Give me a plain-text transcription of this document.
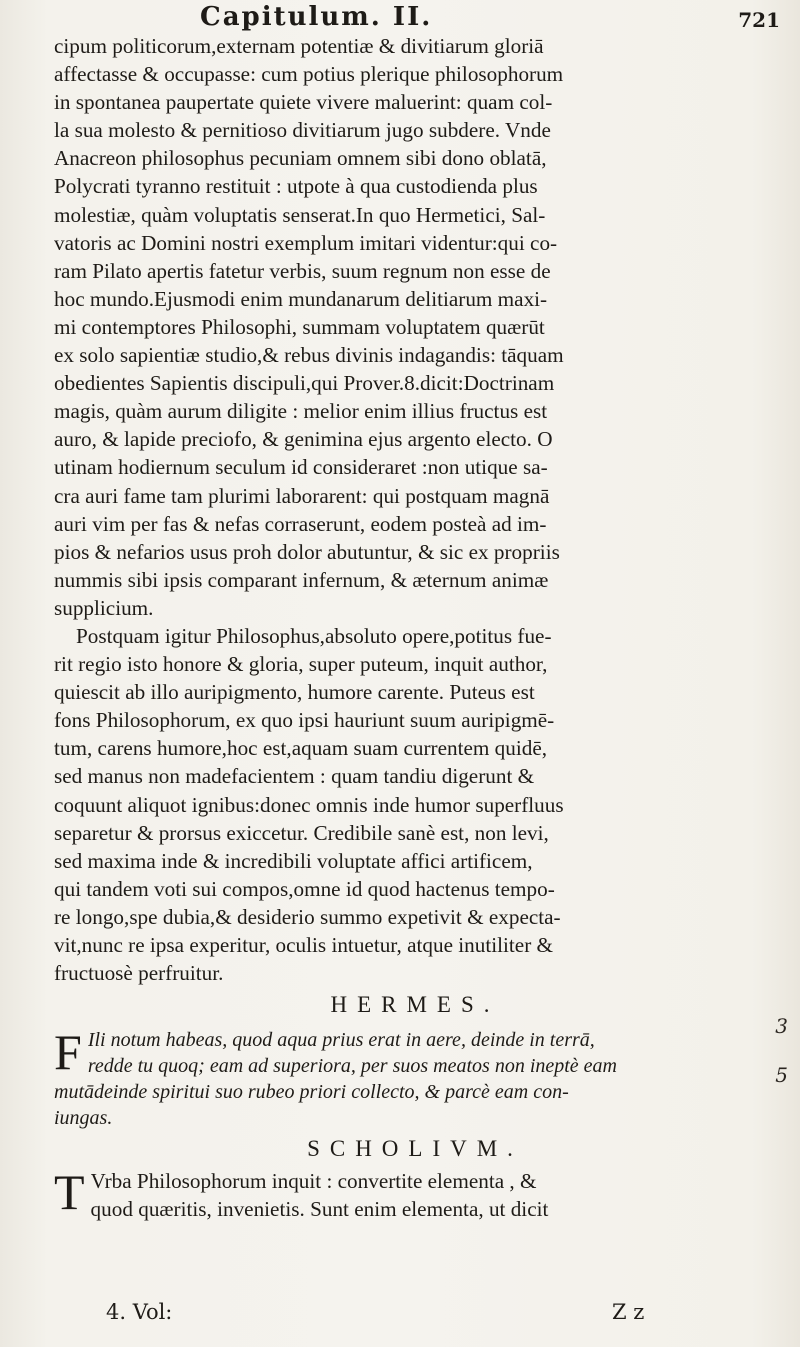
Capitulum. II.	721
cipum politicorum,externam potentiæ & divitiarum gloriā
affectasse & occupasse: cum potius plerique philosophorum
in spontanea paupertate quiete vivere maluerint: quam col-
la sua molesto & pernitioso divitiarum jugo subdere. Vnde
Anacreon philosophus pecuniam omnem sibi dono oblatā,
Polycrati tyranno restituit : utpote à qua custodienda plus
molestiæ, quàm voluptatis senserat.In quo Hermetici, Sal-
vatoris ac Domini nostri exemplum imitari videntur:qui co-
ram Pilato apertis fatetur verbis, suum regnum non esse de
hoc mundo.Ejusmodi enim mundanarum delitiarum maxi-
mi contemptores Philosophi, summam voluptatem quærūt
ex solo sapientiæ studio,& rebus divinis indagandis: tāquam
obedientes Sapientis discipuli,qui Prover.8.dicit:Doctrinam
magis, quàm aurum diligite : melior enim illius fructus est
auro, & lapide preciofo, & genimina ejus argento electo. O
utinam hodiernum seculum id consideraret :non utique sa-
cra auri fame tam plurimi laborarent: qui postquam magnā
auri vim per fas & nefas corraserunt, eodem posteà ad im-
pios & nefarios usus proh dolor abutuntur, & sic ex propriis
nummis sibi ipsis comparant infernum, & æternum animæ
supplicium.
Postquam igitur Philosophus,absoluto opere,potitus fue-
rit regio isto honore & gloria, super puteum, inquit author,
quiescit ab illo auripigmento, humore carente. Puteus est
fons Philosophorum, ex quo ipsi hauriunt suum auripigmē-
tum, carens humore,hoc est,aquam suam currentem quidē,
sed manus non madefacientem : quam tandiu digerunt &
coquunt aliquot ignibus:donec omnis inde humor superfluus
separetur & prorsus exiccetur. Credibile sanè est, non levi,
sed maxima inde & incredibili voluptate affici artificem,
qui tandem voti sui compos,omne id quod hactenus tempo-
re longo,spe dubia,& desiderio summo expetivit & expecta-
vit,nunc re ipsa experitur, oculis intuetur, atque inutiliter &
fructuosè perfruitur.
HERMES.
F Ili notum habeas, quod aqua prius erat in aere, deinde in terrā,
redde tu quoq; eam ad superiora, per suos meatos non ineptè eam
mutādeinde spiritui suo rubeo priori collecto, & parcè eam con-
iungas.
SCHOLIVM.
T Vrba Philosophorum inquit : convertite elementa , &
quod quæritis, invenietis. Sunt enim elementa, ut dicit
3
5
4. Vol:	Z z
